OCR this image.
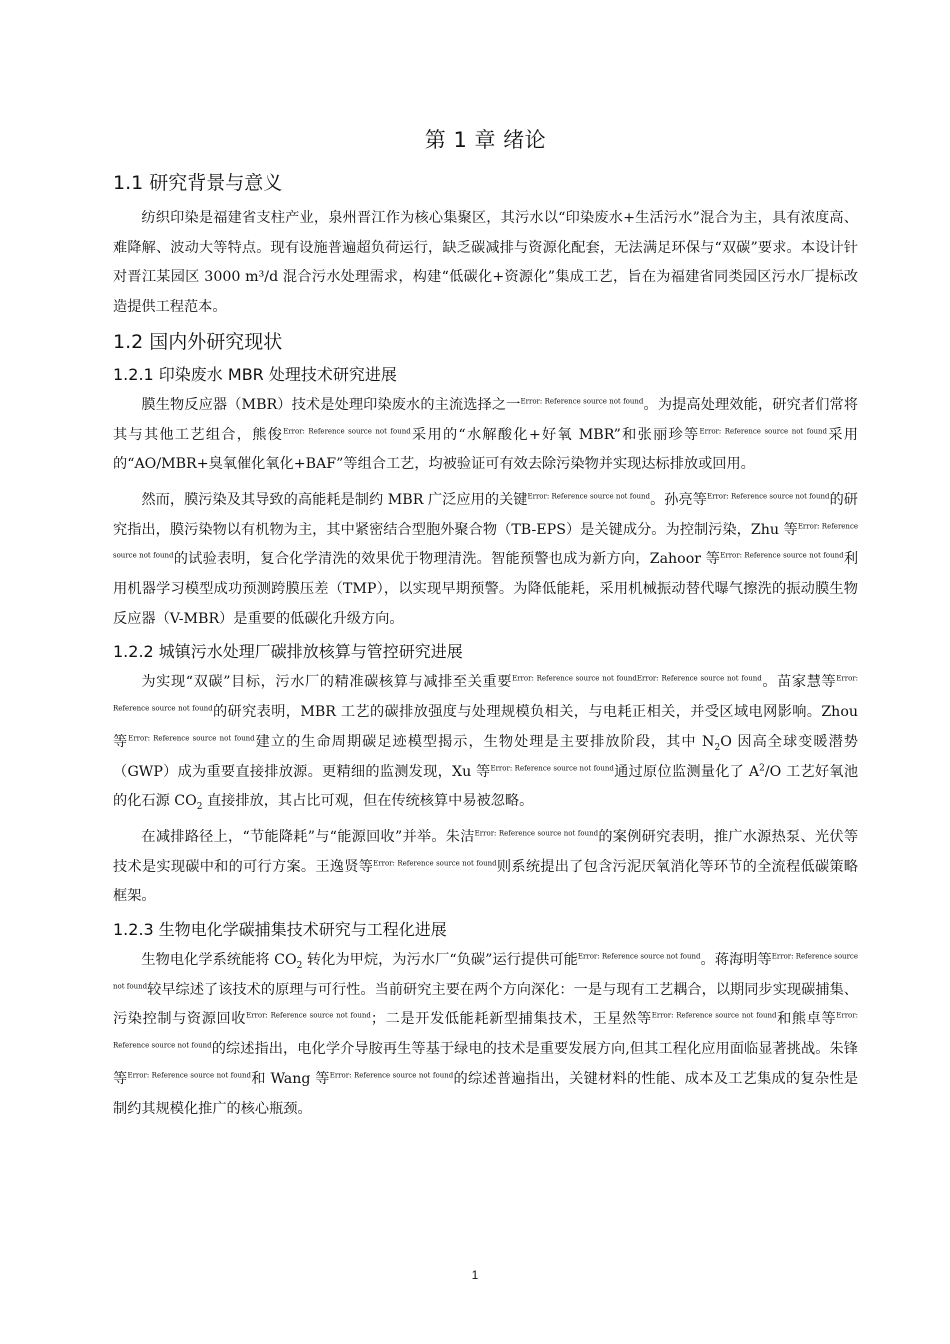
第 1 章 绪论
1.1 研究背景与意义

纺织印染是福建省支柱产业，泉州晋江作为核心集聚区，其污水以“印染废水+生活污水”混合为主，具有浓度高、难降解、波动大等特点。现有设施普遍超负荷运行，缺乏碳减排与资源化配套，无法满足环保与“双碳”要求。本设计针对晋江某园区 3000 m³/d 混合污水处理需求，构建“低碳化+资源化”集成工艺，旨在为福建省同类园区污水厂提标改造提供工程范本。

1.2 国内外研究现状
1.2.1 印染废水 MBR 处理技术研究进展

膜生物反应器（MBR）技术是处理印染废水的主流选择之一$^{Error: Reference source not found}$。为提高处理效能，研究者们常将其与其他工艺组合，熊俊$^{Error: Reference source not found}$采用的“水解酸化+好氧 MBR”和张丽珍等$^{Error: Reference source not found}$采用的“AO/MBR+臭氧催化氧化+BAF”等组合工艺，均被验证可有效去除污染物并实现达标排放或回用。

然而，膜污染及其导致的高能耗是制约 MBR 广泛应用的关键$^{Error: Reference source not found}$。孙亮等$^{Error: Reference source not found}$的研究指出，膜污染物以有机物为主，其中紧密结合型胞外聚合物（TB-EPS）是关键成分。为控制污染，Zhu 等$^{Error: Reference source not found}$的试验表明，复合化学清洗的效果优于物理清洗。智能预警也成为新方向，Zahoor 等$^{Error: Reference source not found}$利用机器学习模型成功预测跨膜压差（TMP），以实现早期预警。为降低能耗，采用机械振动替代曝气擦洗的振动膜生物反应器（V-MBR）是重要的低碳化升级方向。

1.2.2 城镇污水处理厂碳排放核算与管控研究进展

为实现“双碳”目标，污水厂的精准碳核算与减排至关重要$^{Error: Reference source not foundError: Reference source not found}$。苗家慧等$^{Error: Reference source not found}$的研究表明，MBR 工艺的碳排放强度与处理规模负相关，与电耗正相关，并受区域电网影响。Zhou 等$^{Error: Reference source not found}$建立的生命周期碳足迹模型揭示，生物处理是主要排放阶段，其中 $N_2O$ 因高全球变暖潜势（GWP）成为重要直接排放源。更精细的监测发现，Xu 等$^{Error: Reference source not found}$通过原位监测量化了 $A^2/O$ 工艺好氧池的化石源 $CO_2$ 直接排放，其占比可观，但在传统核算中易被忽略。

在减排路径上，“节能降耗”与“能源回收”并举。朱洁$^{Error: Reference source not found}$的案例研究表明，推广水源热泵、光伏等技术是实现碳中和的可行方案。王逸贤等$^{Error: Reference source not found}$则系统提出了包含污泥厌氧消化等环节的全流程低碳策略框架。

1.2.3 生物电化学碳捕集技术研究与工程化进展

生物电化学系统能将 $CO_2$ 转化为甲烷，为污水厂“负碳”运行提供可能$^{Error: Reference source not found}$。蒋海明等$^{Error: Reference source not found}$较早综述了该技术的原理与可行性。当前研究主要在两个方向深化：一是与现有工艺耦合，以期同步实现碳捕集、污染控制与资源回收$^{Error: Reference source not found}$；二是开发低能耗新型捕集技术，王星然等$^{Error: Reference source not found}$和熊卓等$^{Error: Reference source not found}$的综述指出，电化学介导胺再生等基于绿电的技术是重要发展方向,但其工程化应用面临显著挑战。朱锋等$^{Error: Reference source not found}$和 Wang 等$^{Error: Reference source not found}$的综述普遍指出，关键材料的性能、成本及工艺集成的复杂性是制约其规模化推广的核心瓶颈。

1
